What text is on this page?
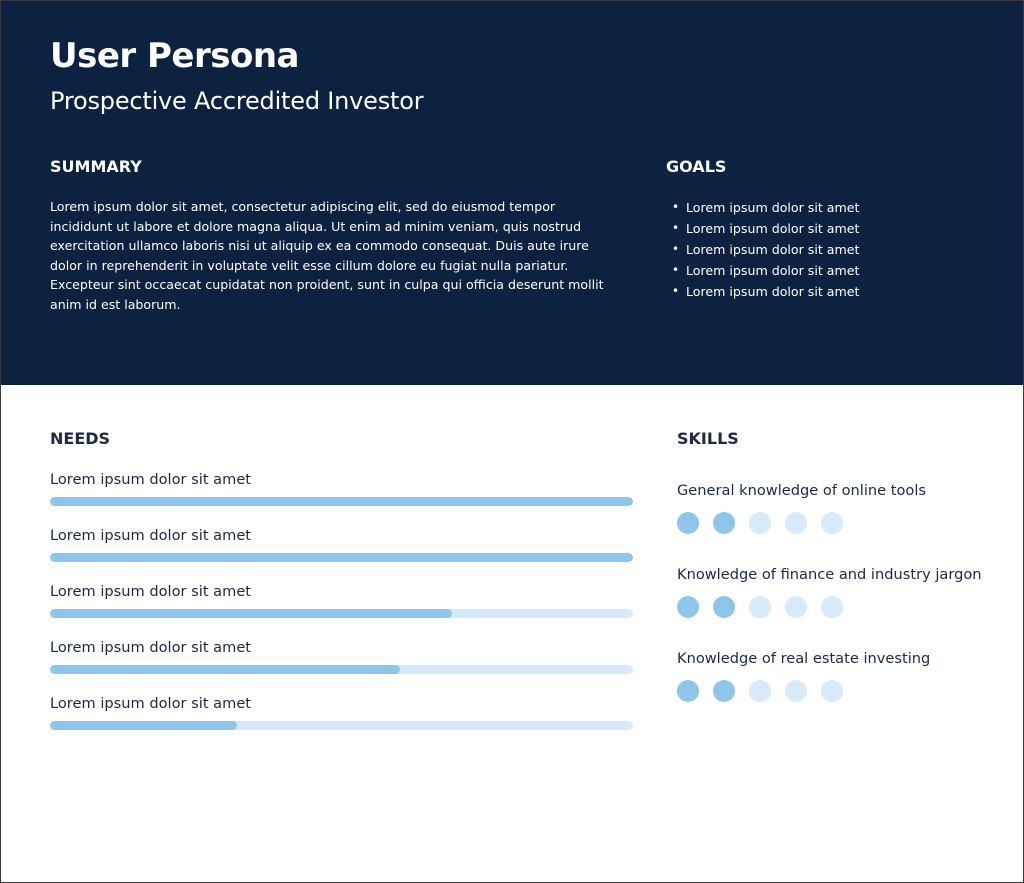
User Persona
Prospective Accredited Investor
SUMMARY

Lorem ipsum dolor sit amet, consectetur adipiscing elit, sed do eiusmod tempor incididunt ut labore et dolore magna aliqua. Ut enim ad minim veniam, quis nostrud exercitation ullamco laboris nisi ut aliquip ex ea commodo consequat. Duis aute irure dolor in reprehenderit in voluptate velit esse cillum dolore eu fugiat nulla pariatur. Excepteur sint occaecat cupidatat non proident, sunt in culpa qui officia deserunt mollit anim id est laborum.

GOALS
• Lorem ipsum dolor sit amet
• Lorem ipsum dolor sit amet
• Lorem ipsum dolor sit amet
• Lorem ipsum dolor sit amet
• Lorem ipsum dolor sit amet
NEEDS
Lorem ipsum dolor sit amet
Lorem ipsum dolor sit amet
Lorem ipsum dolor sit amet
Lorem ipsum dolor sit amet
Lorem ipsum dolor sit amet
SKILLS
General knowledge of online tools
Knowledge of finance and industry jargon
Knowledge of real estate investing
